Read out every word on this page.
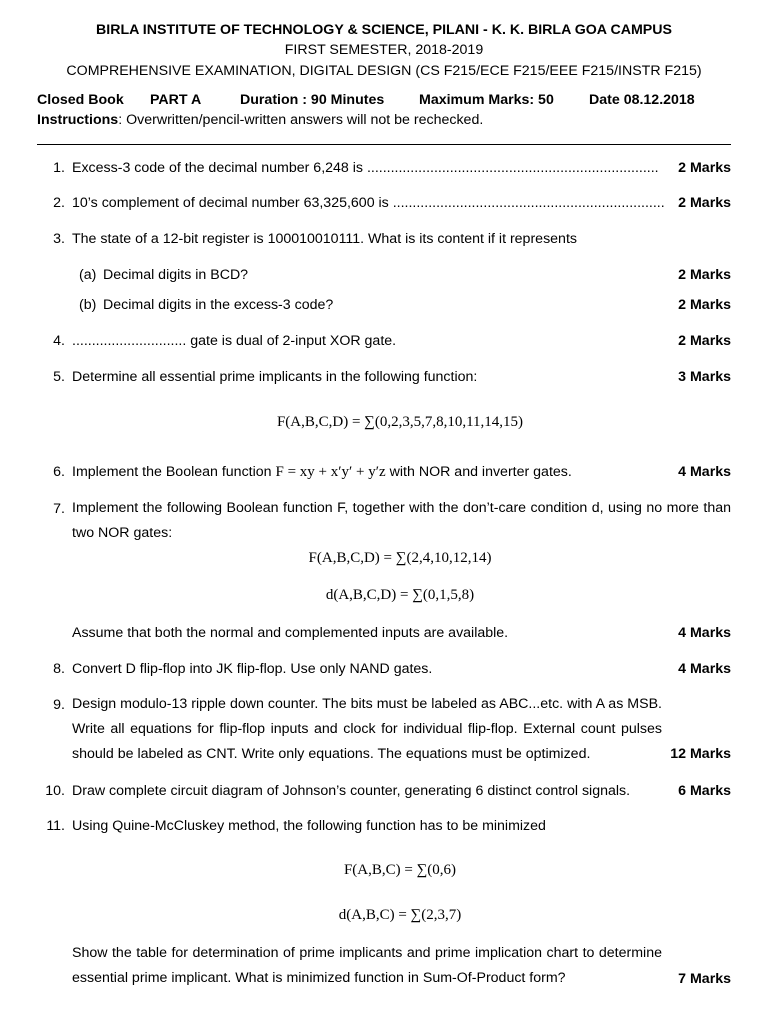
BIRLA INSTITUTE OF TECHNOLOGY & SCIENCE, PILANI - K. K. BIRLA GOA CAMPUS
FIRST SEMESTER, 2018-2019
COMPREHENSIVE EXAMINATION, DIGITAL DESIGN (CS F215/ECE F215/EEE F215/INSTR F215)
Closed Book PART A	Duration : 90 Minutes Maximum Marks: 50 Date 08.12.2018
Instructions: Overwritten/pencil-written answers will not be rechecked.
1. Excess-3 code of the decimal number 6,248 is .......................................................................... 2 Marks
2. 10’s complement of decimal number 63,325,600 is ..................................................................... 2 Marks
3. The state of a 12-bit register is 100010010111. What is its content if it represents
(a) Decimal digits in BCD?	2 Marks
(b) Decimal digits in the excess-3 code?	2 Marks
4. ............................. gate is dual of 2-input XOR gate.	2 Marks
5. Determine all essential prime implicants in the following function:	3 Marks
F(A,B,C,D) = ∑(0,2,3,5,7,8,10,11,14,15)
6. Implement the Boolean function F = xy + x′y′ + y′z with NOR and inverter gates.	4 Marks
7. Implement the following Boolean function F, together with the don’t-care condition d, using no more than two NOR gates:
F(A,B,C,D) = ∑(2,4,10,12,14)
d(A,B,C,D) = ∑(0,1,5,8)
Assume that both the normal and complemented inputs are available.	4 Marks
8. Convert D flip-flop into JK flip-flop. Use only NAND gates.	4 Marks
9. Design modulo-13 ripple down counter. The bits must be labeled as ABC...etc. with A as MSB. Write all equations for flip-flop inputs and clock for individual flip-flop. External count pulses should be labeled as CNT. Write only equations. The equations must be optimized.	12 Marks
10. Draw complete circuit diagram of Johnson’s counter, generating 6 distinct control signals.	6 Marks
11. Using Quine-McCluskey method, the following function has to be minimized
F(A,B,C) = ∑(0,6)
d(A,B,C) = ∑(2,3,7)
Show the table for determination of prime implicants and prime implication chart to determine essential prime implicant. What is minimized function in Sum-Of-Product form?	7 Marks
